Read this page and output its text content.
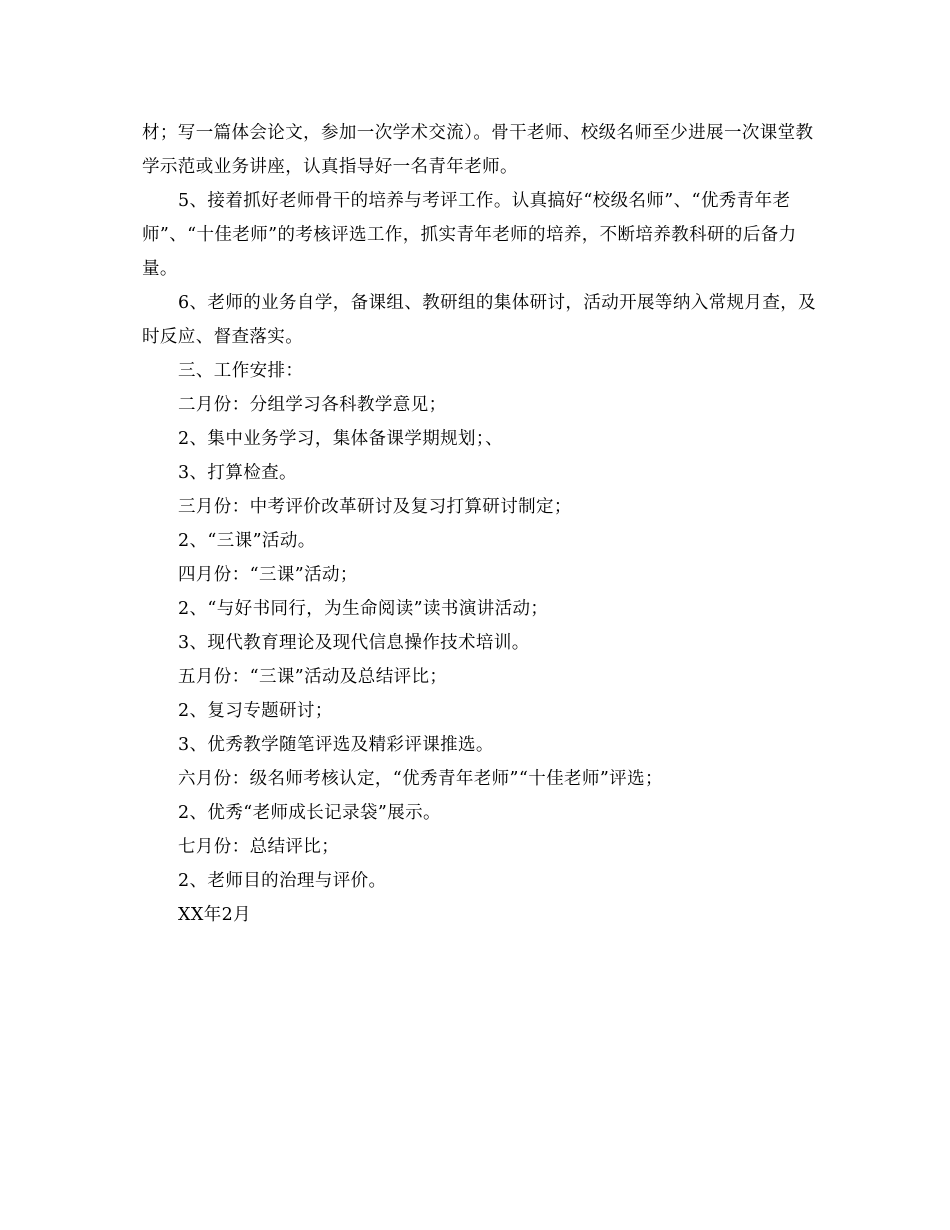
材；写一篇体会论文，参加一次学术交流）。骨干老师、校级名师至少进展一次课堂教学示范或业务讲座，认真指导好一名青年老师。

5、接着抓好老师骨干的培养与考评工作。认真搞好“校级名师”、“优秀青年老师”、“十佳老师”的考核评选工作，抓实青年老师的培养，不断培养教科研的后备力量。

6、老师的业务自学，备课组、教研组的集体研讨，活动开展等纳入常规月查，及时反应、督查落实。

三、工作安排：

二月份：分组学习各科教学意见；

2、集中业务学习，集体备课学期规划；、

3、打算检查。

三月份：中考评价改革研讨及复习打算研讨制定；

2、“三课”活动。

四月份：“三课”活动；

2、“与好书同行，为生命阅读”读书演讲活动；

3、现代教育理论及现代信息操作技术培训。

五月份：“三课”活动及总结评比；

2、复习专题研讨；

3、优秀教学随笔评选及精彩评课推选。

六月份：级名师考核认定，“优秀青年老师”“十佳老师”评选；

2、优秀“老师成长记录袋”展示。

七月份：总结评比；

2、老师目的治理与评价。

XX年2月
